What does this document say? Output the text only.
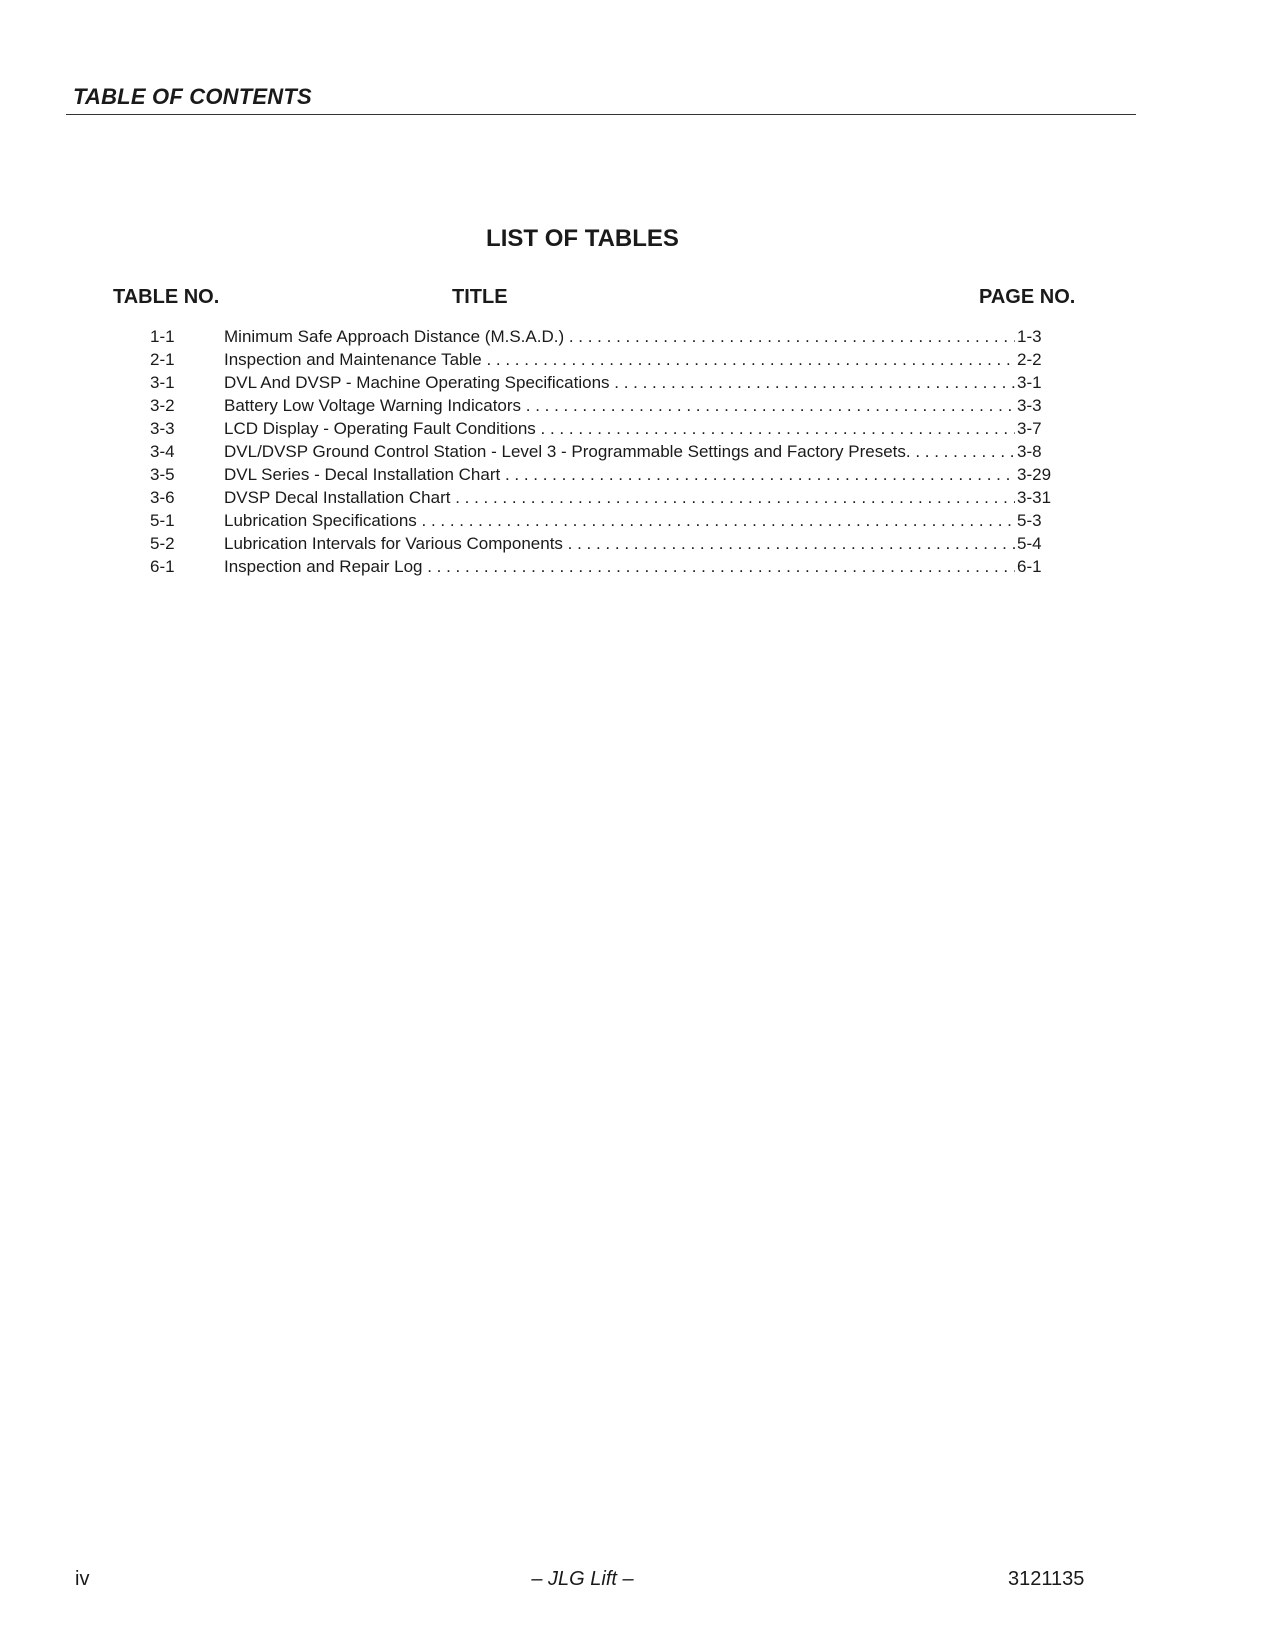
TABLE OF CONTENTS
LIST OF TABLES
TABLE NO.	TITLE	PAGE NO.
1-1	Minimum Safe Approach Distance (M.S.A.D.) . . .	1-3
2-1	Inspection and Maintenance Table . . .	2-2
3-1	DVL And DVSP - Machine Operating Specifications . . .	3-1
3-2	Battery Low Voltage Warning Indicators . . .	3-3
3-3	LCD Display - Operating Fault Conditions . . .	3-7
3-4	DVL/DVSP Ground Control Station - Level 3 - Programmable Settings and Factory Presets. . . .	3-8
3-5	DVL Series - Decal Installation Chart . . .	3-29
3-6	DVSP Decal Installation Chart . . .	3-31
5-1	Lubrication Specifications . . .	5-3
5-2	Lubrication Intervals for Various Components . . .	5-4
6-1	Inspection and Repair Log . . .	6-1
iv	– JLG Lift –	3121135
